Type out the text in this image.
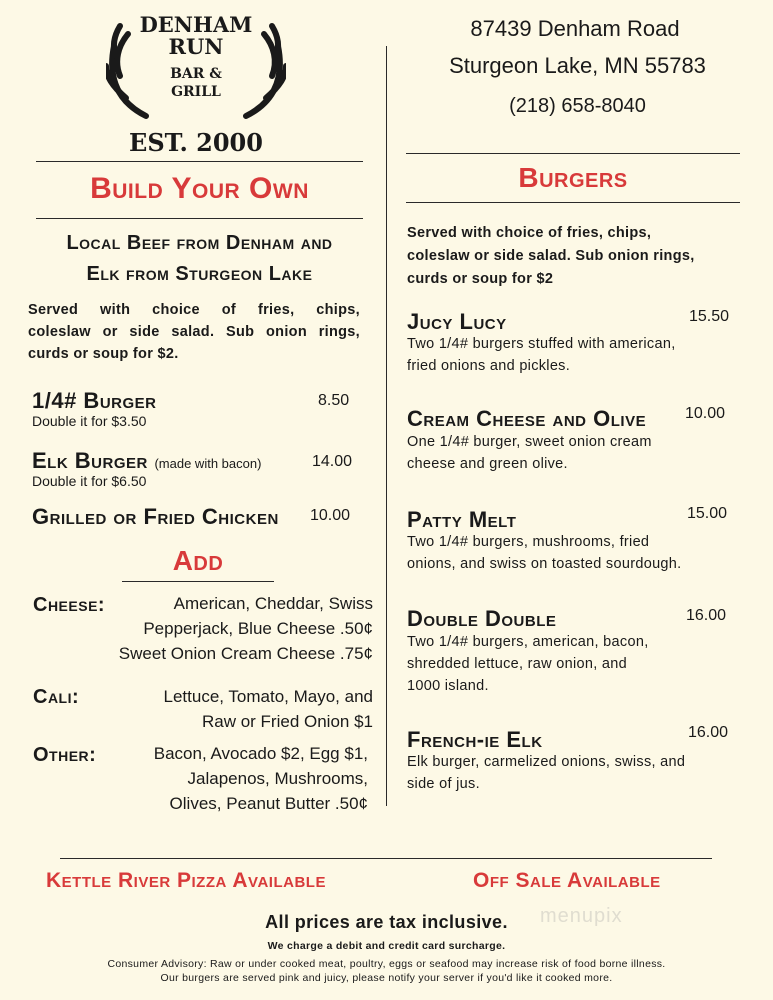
DENHAM
RUN
BAR &
GRILL
EST. 2000
87439 Denham Road
Sturgeon Lake, MN 55783
(218) 658-8040
Build Your Own
Local Beef from Denham and
Elk from Sturgeon Lake
Served with choice of fries, chips,
coleslaw or side salad. Sub onion rings,
curds or soup for $2.
1/4# Burger	8.50
Double it for $3.50
Elk Burger (made with bacon)	14.00
Double it for $6.50
Grilled or Fried Chicken 10.00
Add
Cheese:	American, Cheddar, Swiss
Pepperjack, Blue Cheese .50¢
Sweet Onion Cream Cheese .75¢
Cali:	Lettuce, Tomato, Mayo, and
Raw or Fried Onion $1
Other:	Bacon, Avocado $2, Egg $1,
Jalapenos, Mushrooms,
Olives, Peanut Butter .50¢
Burgers
Served with choice of fries, chips,
coleslaw or side salad. Sub onion rings,
curds or soup for $2
Jucy Lucy	15.50
Two 1/4# burgers stuffed with american,
fried onions and pickles.
Cream Cheese and Olive 10.00
One 1/4# burger, sweet onion cream
cheese and green olive.
Patty Melt	15.00
Two 1/4# burgers, mushrooms, fried
onions, and swiss on toasted sourdough.
Double Double	16.00
Two 1/4# burgers, american, bacon,
shredded lettuce, raw onion, and
1000 island.
French-ie Elk	16.00
Elk burger, carmelized onions, swiss, and
side of jus.
Kettle River Pizza Available	Off Sale Available
All prices are tax inclusive.	menupix
We charge a debit and credit card surcharge.
Consumer Advisory: Raw or under cooked meat, poultry, eggs or seafood may increase risk of food borne illness.
Our burgers are served pink and juicy, please notify your server if you'd like it cooked more.
